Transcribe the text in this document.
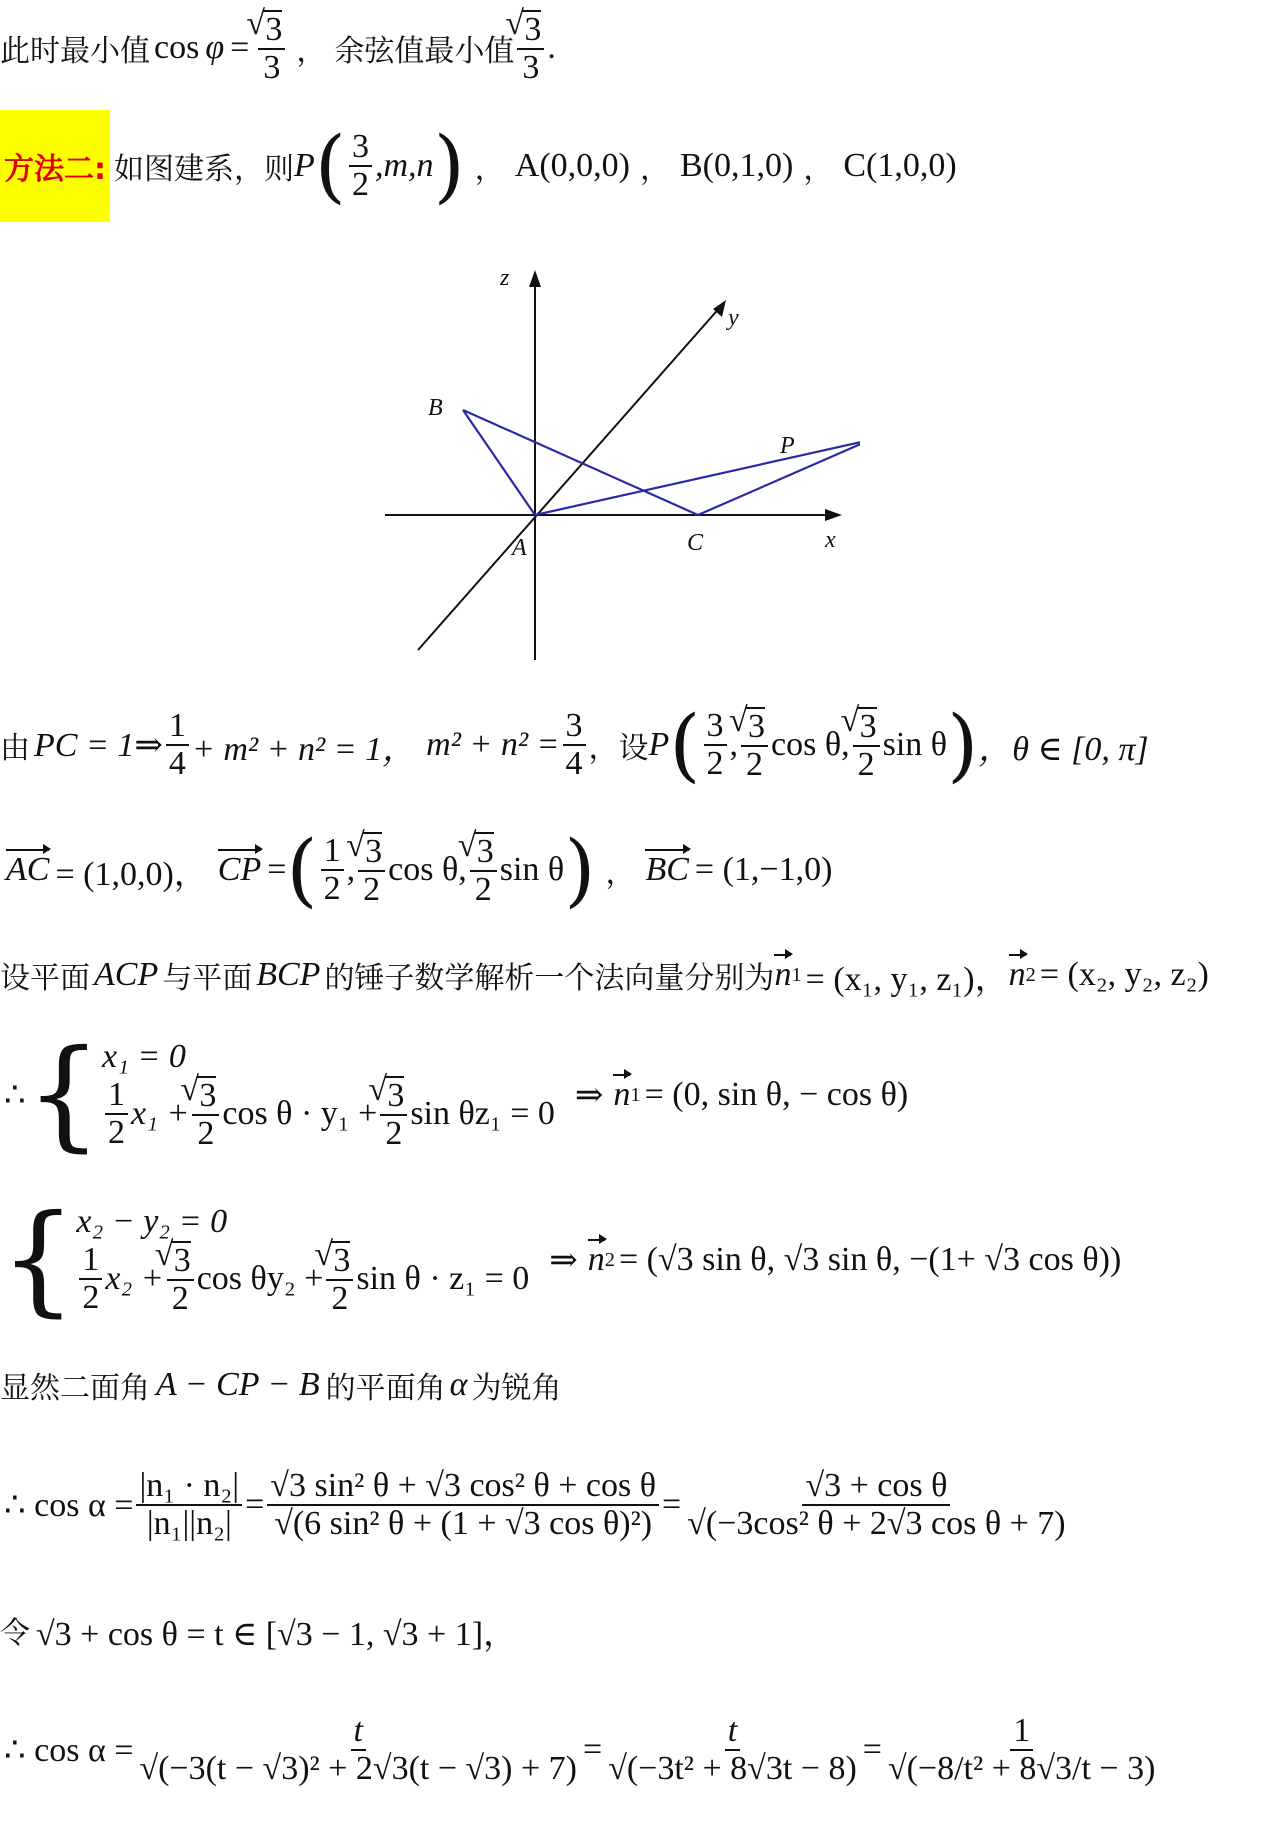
此时最小值 cos φ = √ $\frac{3}{3}$ ， 余弦值最小值 √ $\frac{3}{3}$ .
方法二: 如图建系，则 P ( $\frac{3}{2} ,m,n$ ) ， A(0,0,0) ， B(0,1,0) ， C(1,0,0)
z
y
x
A
B
C
P
由 PC = 1⇒ $\frac{1}{4} + m^2 + n^2 = 1$， $m^2 + n^2 = \frac{3}{4}$ ，设 P ( $\frac{3}{2}$ , √ $\frac{3}{2}$ cos θ, √ $\frac{3}{2}$ sin θ ) ，θ ∈ [0, π]
AC = (1,0,0)， CP = ( $\frac{1}{2}$ , √ $\frac{3}{2}$ cos θ, √ $\frac{3}{2}$ sin θ ) ， BC = (1,−1,0)
设平面 ACP 与平面 BCP 的锤子数学解析一个法向量分别为 n 1 = (x₁, y₁, z₁)， n 2 = (x₂, y₂, z₂)
∴ { x₁ = 0
$\frac{1}{2} x_1$ + √ $\frac{3}{2}$ cos θ · y₁ + √ $\frac{3}{2}$ sin θz₁ = 0 ⇒ n 1 = (0, sin θ, − cos θ)
{ x₂ − y₂ = 0
$\frac{1}{2} x_2$ + √ $\frac{3}{2}$ cos θy₂ + √ $\frac{3}{2}$ sin θ · z₁ = 0 ⇒ n 2 = (√3 sin θ, √3 sin θ, −(1+ √3 cos θ))
显然二面角 A − CP − B 的平面角 α 为锐角
∴ $\cos \alpha = \frac{\text{|n₁ · n₂|}}{\text{|n₁||n₂|}} = \frac{\text{√3 sin² θ + √3 cos² θ + cos θ}}{\text{√(6 sin² θ + (1 + √3 cos θ)²)}} = \frac{\text{√3 + cos θ}}{\text{√(−3cos² θ + 2√3 cos θ + 7)}}$
令 √3 + cos θ = t ∈ [√3 − 1, √3 + 1]，
∴ $\cos \alpha = \frac{t}{\text{√(−3(t − √3)² + 2√3(t − √3) + 7)}} = \frac{t}{\text{√(−3t² + 8√3t − 8)}} = \frac{1}{\text{√(−8/t² + 8√3/t − 3)}}$
